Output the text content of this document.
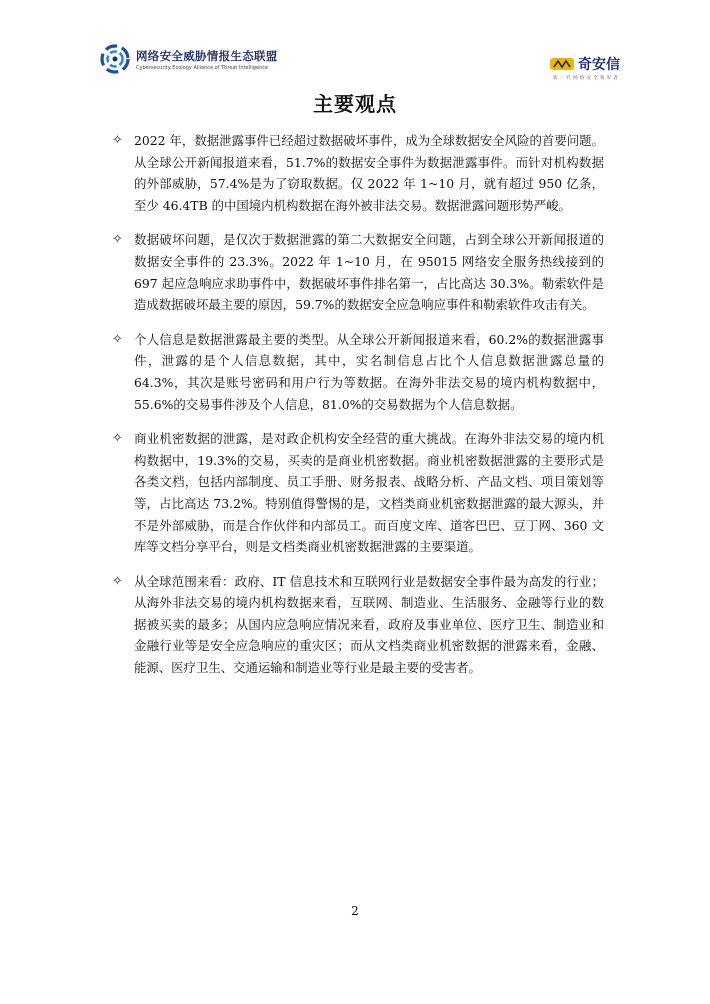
网络安全威胁情报生态联盟
Cybersecurity Ecology Alliance of Threat Intelligence	奇安信
新一代网络安全领军者
主要观点
✧ 2022 年，数据泄露事件已经超过数据破坏事件，成为全球数据安全风险的首要问题。从全球公开新闻报道来看，51.7%的数据安全事件为数据泄露事件。而针对机构数据的外部威胁，57.4%是为了窃取数据。仅 2022 年 1~10 月，就有超过 950 亿条，至少 46.4TB 的中国境内机构数据在海外被非法交易。数据泄露问题形势严峻。
✧ 数据破坏问题，是仅次于数据泄露的第二大数据安全问题，占到全球公开新闻报道的数据安全事件的 23.3%。2022 年 1~10 月，在 95015 网络安全服务热线接到的 697 起应急响应求助事件中，数据破坏事件排名第一，占比高达 30.3%。勒索软件是造成数据破坏最主要的原因，59.7%的数据安全应急响应事件和勒索软件攻击有关。
✧ 个人信息是数据泄露最主要的类型。从全球公开新闻报道来看，60.2%的数据泄露事件，泄露的是个人信息数据，其中，实名制信息占比个人信息数据泄露总量的 64.3%，其次是账号密码和用户行为等数据。在海外非法交易的境内机构数据中，55.6%的交易事件涉及个人信息，81.0%的交易数据为个人信息数据。
✧ 商业机密数据的泄露，是对政企机构安全经营的重大挑战。在海外非法交易的境内机构数据中，19.3%的交易，买卖的是商业机密数据。商业机密数据泄露的主要形式是各类文档，包括内部制度、员工手册、财务报表、战略分析、产品文档、项目策划等等，占比高达 73.2%。特别值得警惕的是，文档类商业机密数据泄露的最大源头，并不是外部威胁，而是合作伙伴和内部员工。而百度文库、道客巴巴、豆丁网、360 文库等文档分享平台，则是文档类商业机密数据泄露的主要渠道。
✧ 从全球范围来看：政府、IT 信息技术和互联网行业是数据安全事件最为高发的行业；从海外非法交易的境内机构数据来看，互联网、制造业、生活服务、金融等行业的数据被买卖的最多；从国内应急响应情况来看，政府及事业单位、医疗卫生、制造业和金融行业等是安全应急响应的重灾区；而从文档类商业机密数据的泄露来看，金融、能源、医疗卫生、交通运输和制造业等行业是最主要的受害者。
2
